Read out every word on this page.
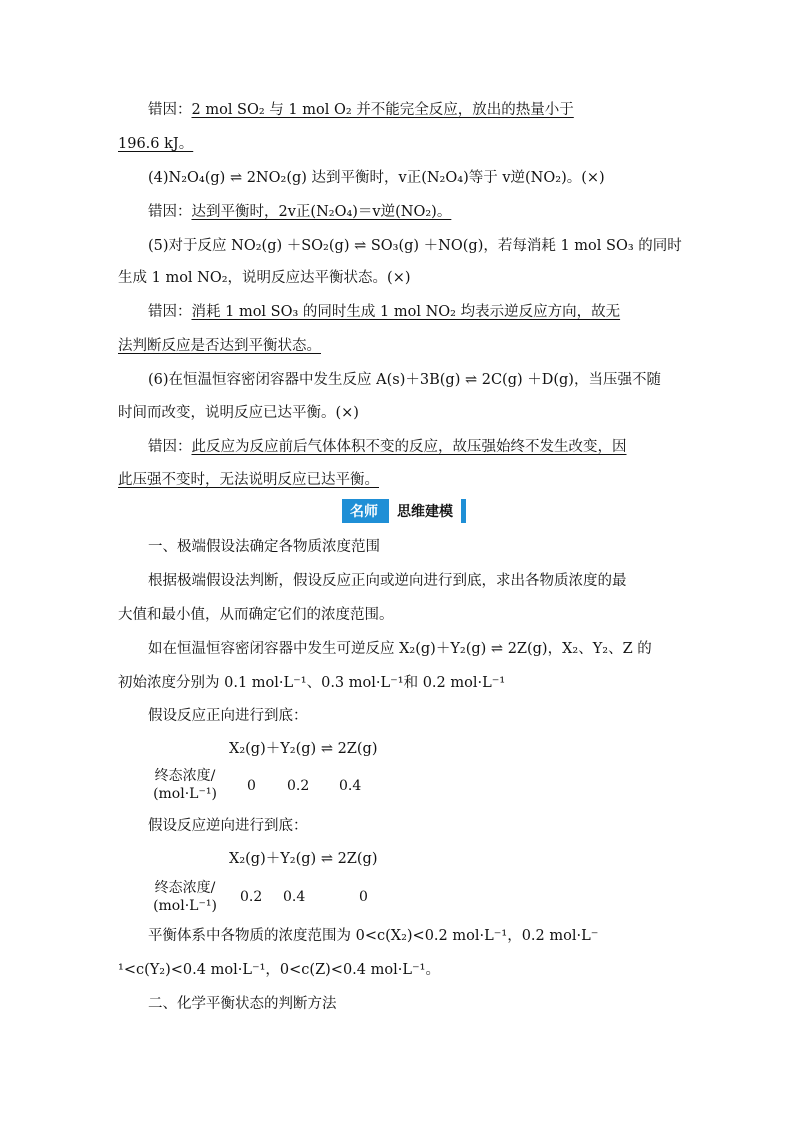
错因：2 mol SO₂ 与 1 mol O₂ 并不能完全反应，放出的热量小于
196.6 kJ。
(4)N₂O₄(g) ⇌ 2NO₂(g) 达到平衡时，v正(N₂O₄)等于 v逆(NO₂)。(×)
错因：达到平衡时，2v正(N₂O₄)＝v逆(NO₂)。
(5)对于反应 NO₂(g) ＋SO₂(g) ⇌ SO₃(g) ＋NO(g)，若每消耗 1 mol SO₃ 的同时
生成 1 mol NO₂，说明反应达平衡状态。(×)
错因：消耗 1 mol SO₃ 的同时生成 1 mol NO₂ 均表示逆反应方向，故无
法判断反应是否达到平衡状态。
(6)在恒温恒容密闭容器中发生反应 A(s)＋3B(g) ⇌ 2C(g) ＋D(g)，当压强不随
时间而改变，说明反应已达平衡。(×)
错因：此反应为反应前后气体体积不变的反应，故压强始终不发生改变，因
此压强不变时，无法说明反应已达平衡。
名师	思维建模
一、极端假设法确定各物质浓度范围
根据极端假设法判断，假设反应正向或逆向进行到底，求出各物质浓度的最
大值和最小值，从而确定它们的浓度范围。
如在恒温恒容密闭容器中发生可逆反应 X₂(g)＋Y₂(g) ⇌ 2Z(g)，X₂、Y₂、Z 的
初始浓度分别为 0.1 mol·L⁻¹、0.3 mol·L⁻¹和 0.2 mol·L⁻¹
假设反应正向进行到底：
X₂(g)＋Y₂(g) ⇌ 2Z(g)
终态浓度/
(mol·L⁻¹)	0 0.2 0.4
假设反应逆向进行到底：
X₂(g)＋Y₂(g) ⇌ 2Z(g)
终态浓度/
(mol·L⁻¹)
0.2 0.4	0
平衡体系中各物质的浓度范围为 0<c(X₂)<0.2 mol·L⁻¹，0.2 mol·L⁻
¹<c(Y₂)<0.4 mol·L⁻¹，0<c(Z)<0.4 mol·L⁻¹。
二、化学平衡状态的判断方法
